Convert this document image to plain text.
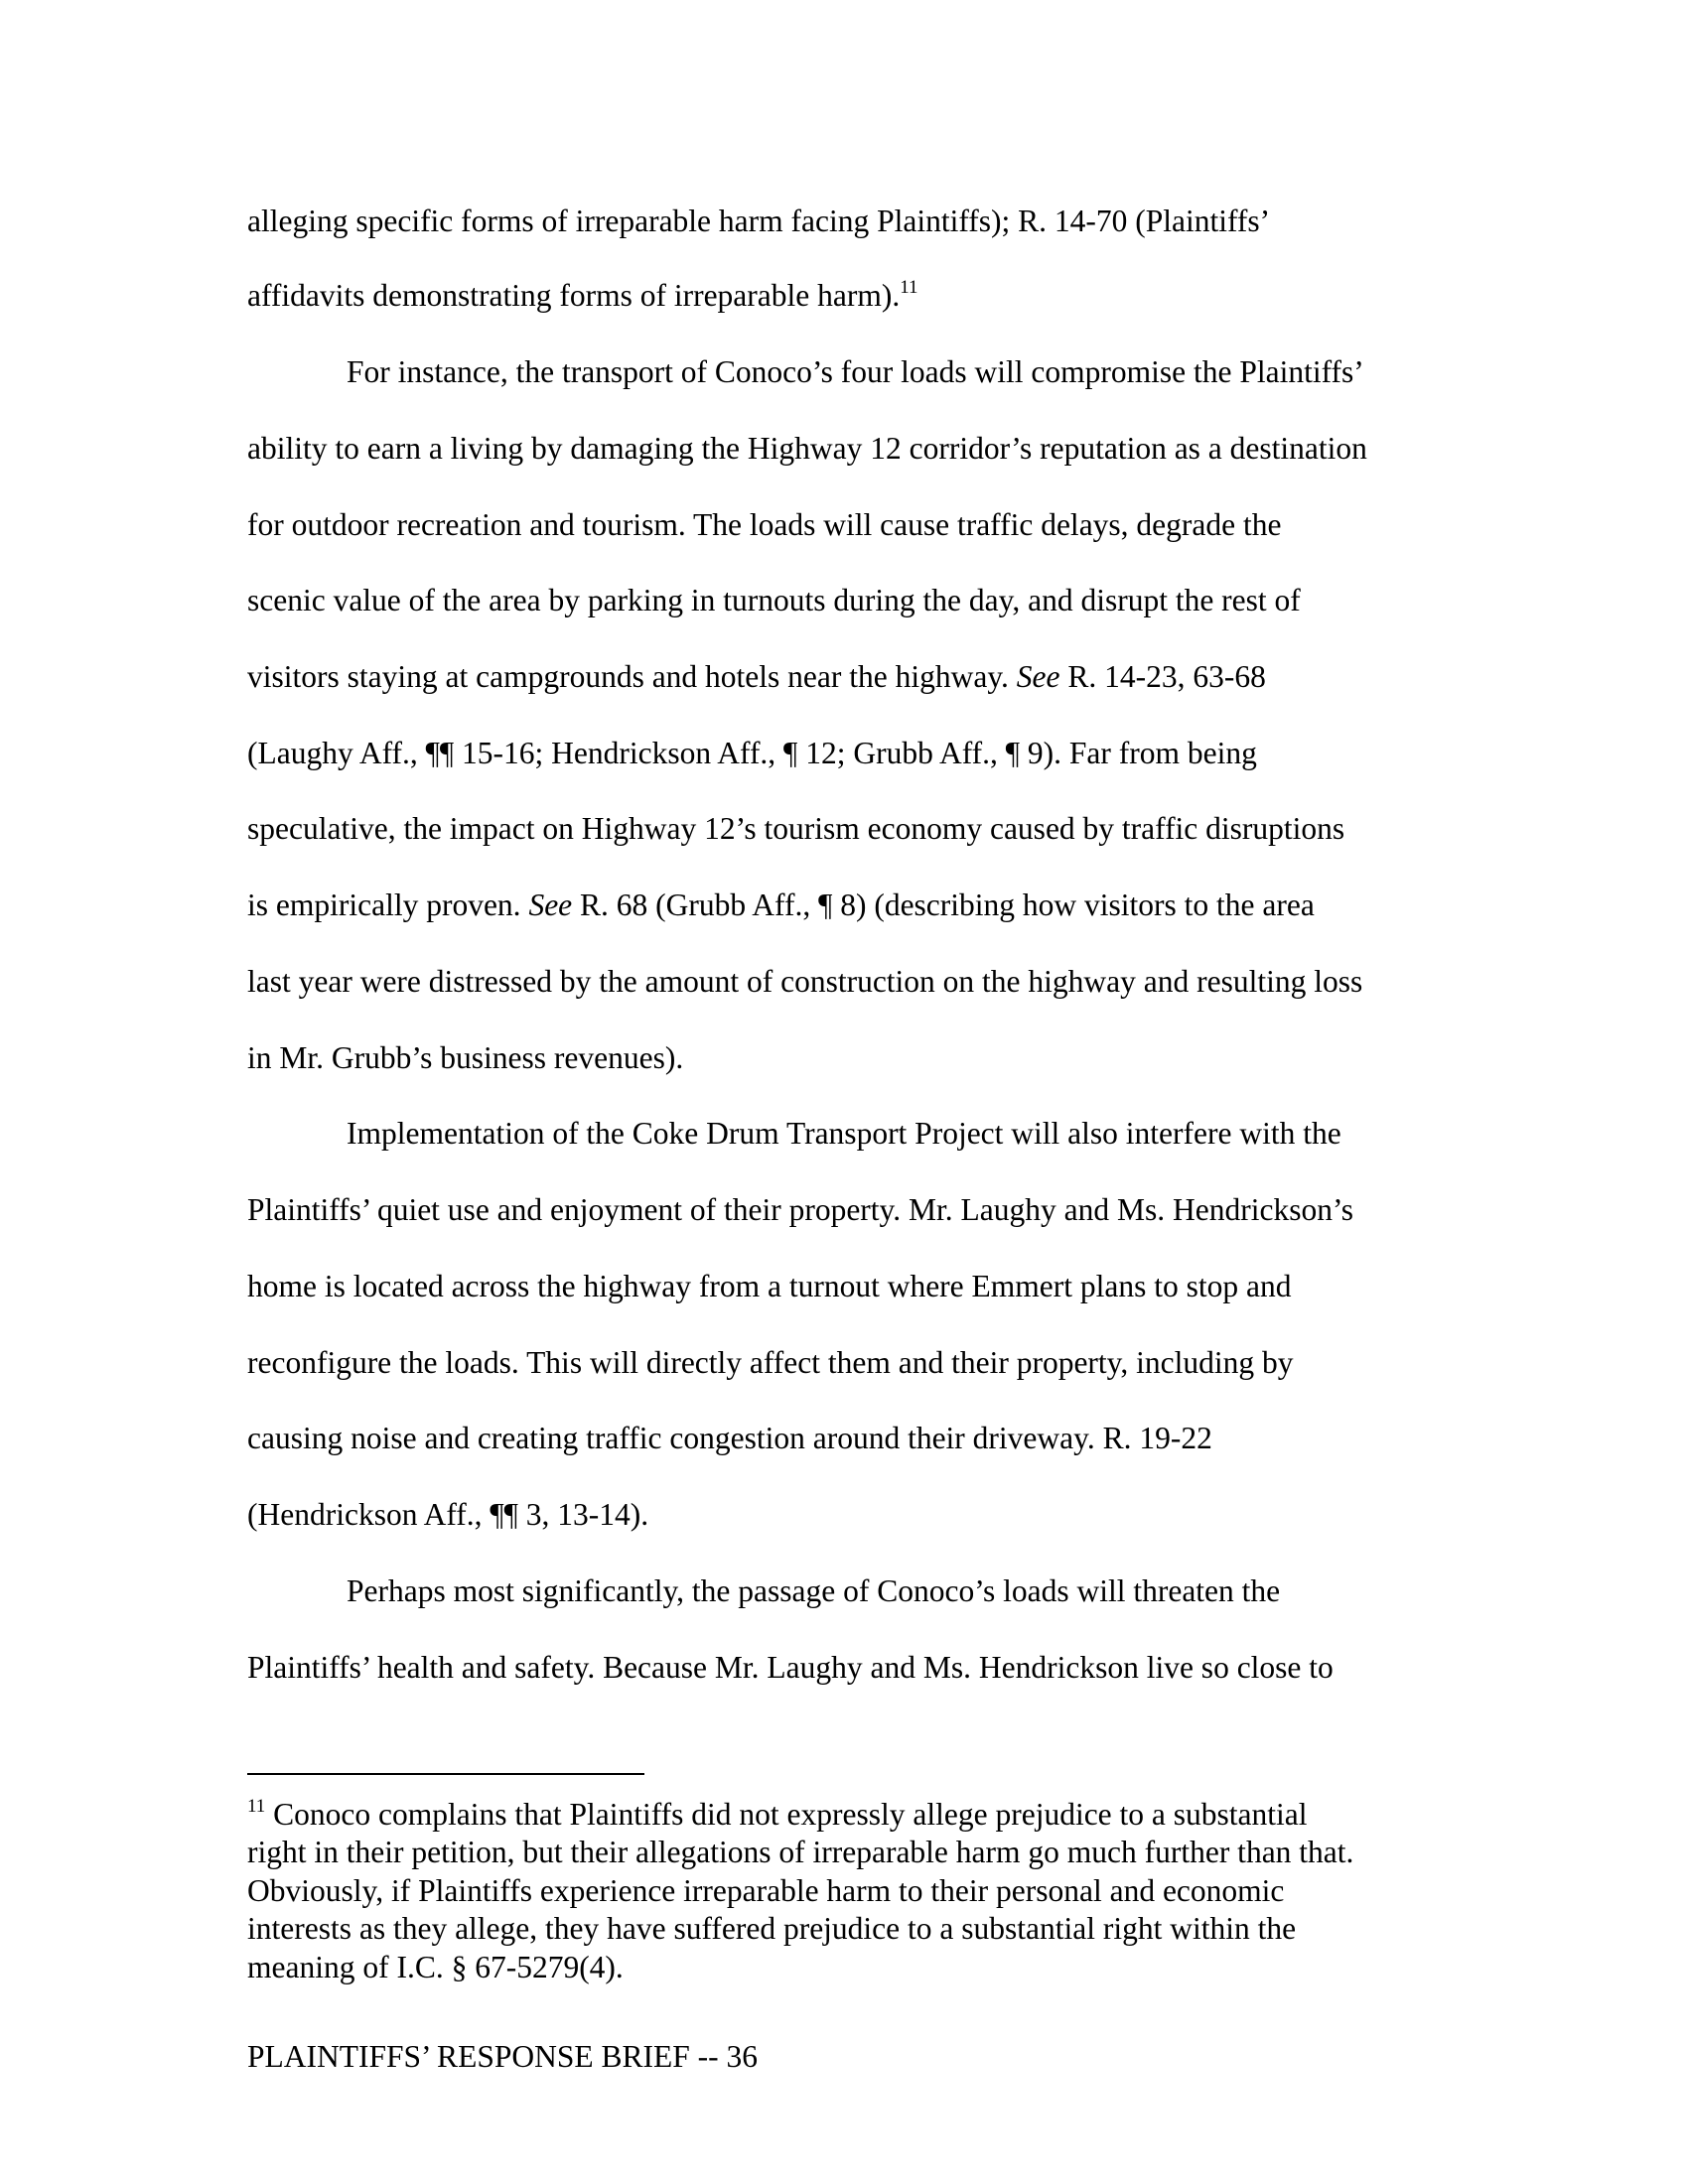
alleging specific forms of irreparable harm facing Plaintiffs); R. 14-70 (Plaintiffs’
affidavits demonstrating forms of irreparable harm).$^{11}$
For instance, the transport of Conoco’s four loads will compromise the Plaintiffs’
ability to earn a living by damaging the Highway 12 corridor’s reputation as a destination
for outdoor recreation and tourism. The loads will cause traffic delays, degrade the
scenic value of the area by parking in turnouts during the day, and disrupt the rest of
visitors staying at campgrounds and hotels near the highway. See R. 14-23, 63-68
(Laughy Aff., ¶¶ 15-16; Hendrickson Aff., ¶ 12; Grubb Aff., ¶ 9). Far from being
speculative, the impact on Highway 12’s tourism economy caused by traffic disruptions
is empirically proven. See R. 68 (Grubb Aff., ¶ 8) (describing how visitors to the area
last year were distressed by the amount of construction on the highway and resulting loss
in Mr. Grubb’s business revenues).
Implementation of the Coke Drum Transport Project will also interfere with the
Plaintiffs’ quiet use and enjoyment of their property. Mr. Laughy and Ms. Hendrickson’s
home is located across the highway from a turnout where Emmert plans to stop and
reconfigure the loads. This will directly affect them and their property, including by
causing noise and creating traffic congestion around their driveway. R. 19-22
(Hendrickson Aff., ¶¶ 3, 13-14).
Perhaps most significantly, the passage of Conoco’s loads will threaten the
Plaintiffs’ health and safety. Because Mr. Laughy and Ms. Hendrickson live so close to
$^{11}$ Conoco complains that Plaintiffs did not expressly allege prejudice to a substantial
right in their petition, but their allegations of irreparable harm go much further than that.
Obviously, if Plaintiffs experience irreparable harm to their personal and economic
interests as they allege, they have suffered prejudice to a substantial right within the
meaning of I.C. § 67-5279(4).
PLAINTIFFS’ RESPONSE BRIEF -- 36
